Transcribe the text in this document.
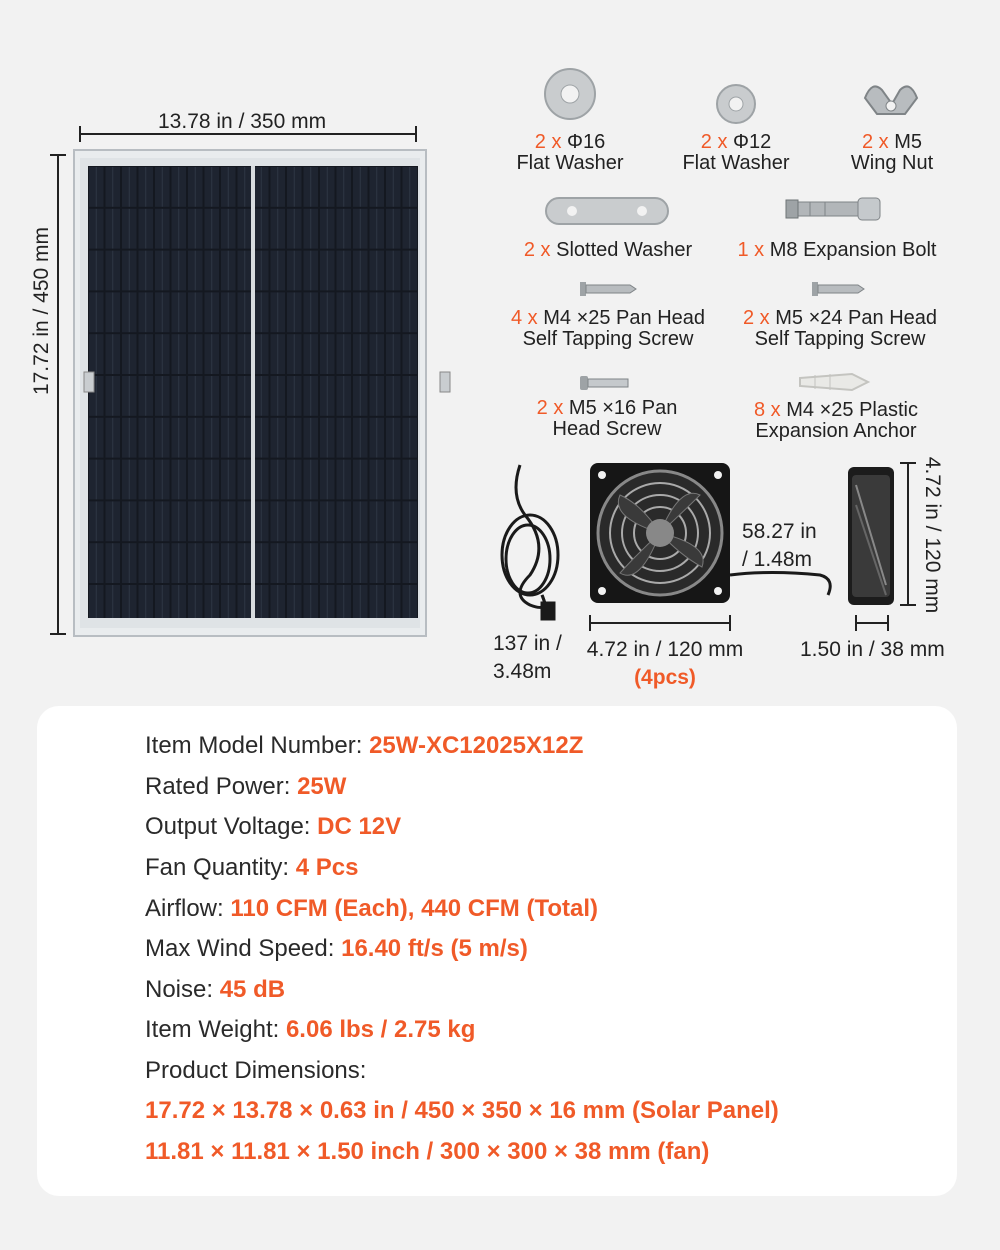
13.78 in / 350 mm
17.72 in / 450 mm
2 x Φ16
Flat Washer
2 x Φ12
Flat Washer
2 x M5
Wing Nut
2 x Slotted Washer	1 x M8 Expansion Bolt
4 x M4 ×25 Pan Head
Self Tapping Screw
2 x M5 ×24 Pan Head
Self Tapping Screw
2 x M5 ×16 Pan
Head Screw
8 x M4 ×25 Plastic
Expansion Anchor
58.27 in
/ 1.48m
137 in /
3.48m
4.72 in / 120 mm
(4pcs)
1.50 in / 38 mm
4.72 in / 120 mm
Item Model Number: 25W-XC12025X12Z
Rated Power: 25W
Output Voltage: DC 12V
Fan Quantity: 4 Pcs
Airflow: 110 CFM (Each), 440 CFM (Total)
Max Wind Speed: 16.40 ft/s (5 m/s)
Noise: 45 dB
Item Weight: 6.06 lbs / 2.75 kg
Product Dimensions:
17.72 × 13.78 × 0.63 in / 450 × 350 × 16 mm (Solar Panel)
11.81 × 11.81 × 1.50 inch / 300 × 300 × 38 mm (fan)
